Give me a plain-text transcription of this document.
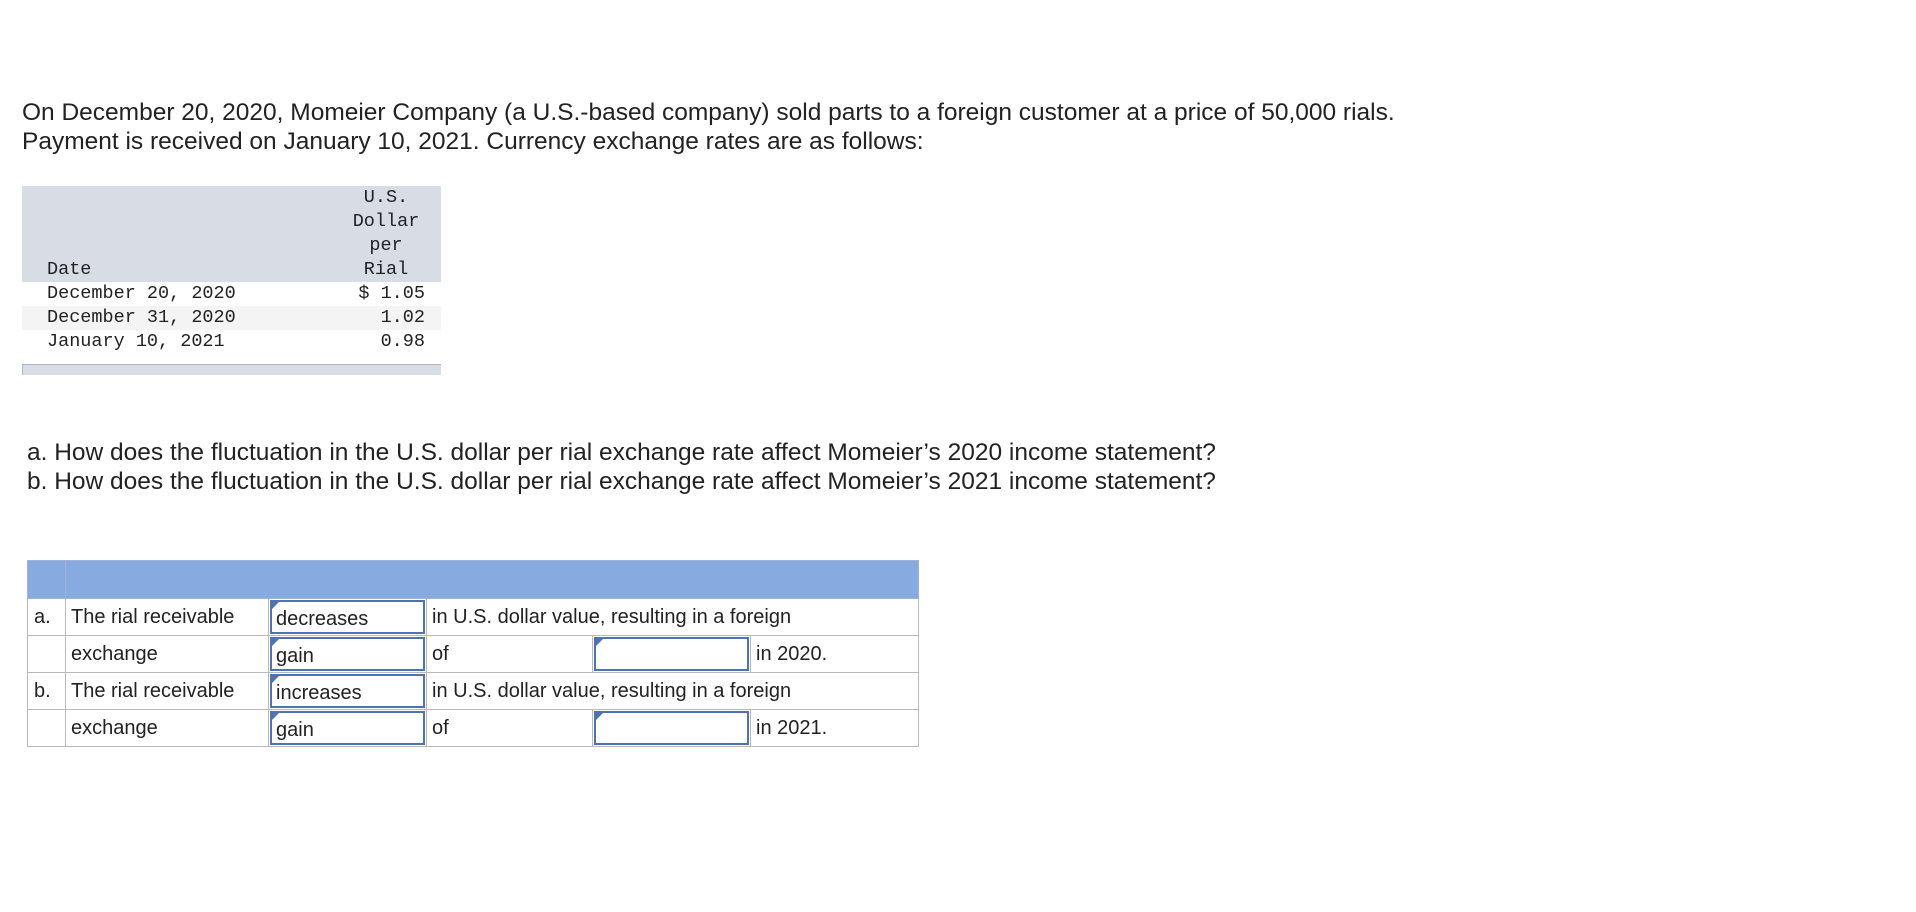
On December 20, 2020, Momeier Company (a U.S.-based company) sold parts to a foreign customer at a price of 50,000 rials.

Payment is received on January 10, 2021. Currency exchange rates are as follows:

Date
U.S.
Dollar
per
Rial
December 20, 2020	$ 1.05
December 31, 2020	1.02
January 10, 2021	0.98

a. How does the fluctuation in the U.S. dollar per rial exchange rate affect Momeier’s 2020 income statement?

b. How does the fluctuation in the U.S. dollar per rial exchange rate affect Momeier’s 2021 income statement?

a.	The rial receivable	decreases	in U.S. dollar value, resulting in a foreign		
	exchange	gain	of		in 2020.
b.	The rial receivable	increases	in U.S. dollar value, resulting in a foreign		
	exchange	gain	of		in 2021.
